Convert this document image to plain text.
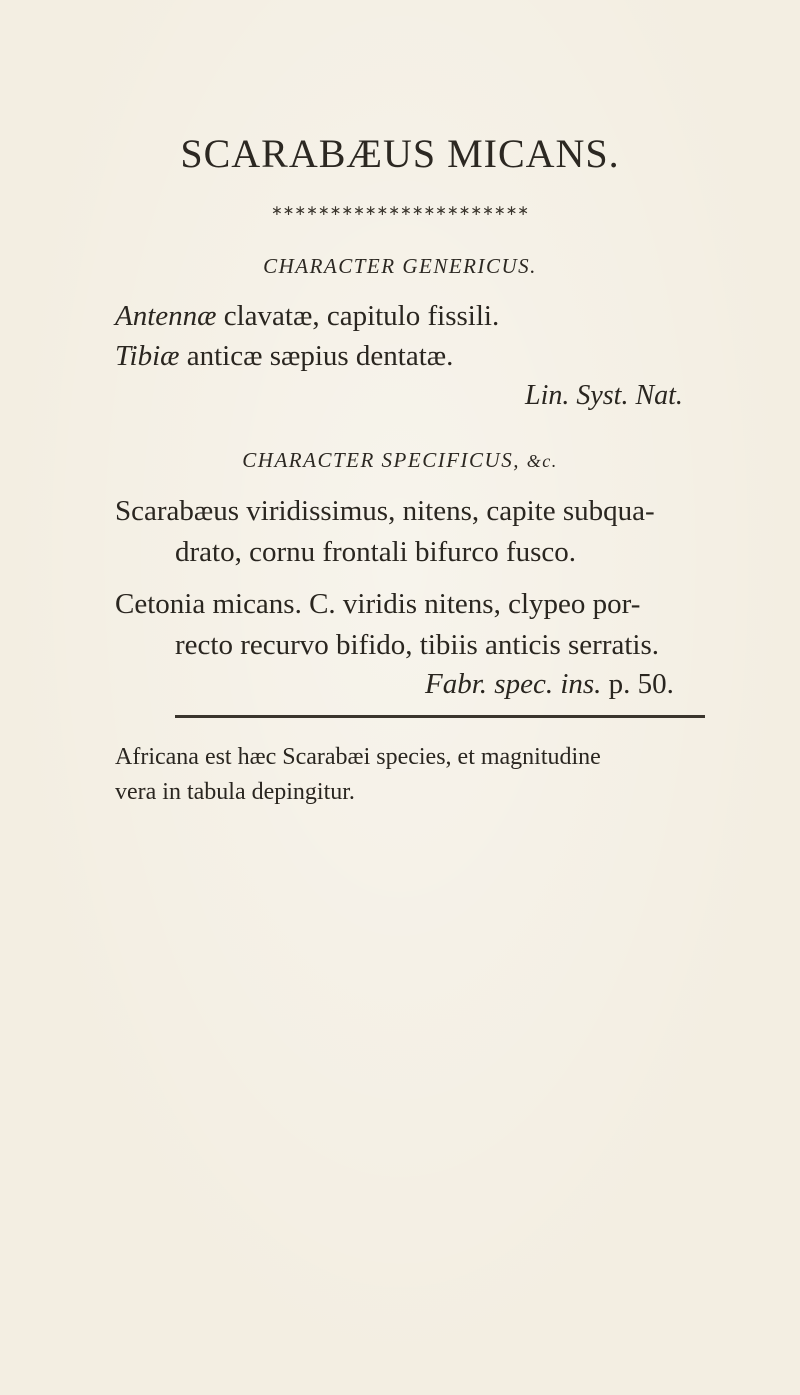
SCARABÆUS MICANS.
∗∗∗∗∗∗∗∗∗∗∗∗∗∗∗∗∗∗∗∗∗∗
CHARACTER GENERICUS.
Antennæ clavatæ, capitulo fissili.
Tibiæ anticæ sæpius dentatæ.
Lin. Syst. Nat.
CHARACTER SPECIFICUS, &c.
Scarabæus viridissimus, nitens, capite subqua-
drato, cornu frontali bifurco fusco.
Cetonia micans. C. viridis nitens, clypeo por-
recto recurvo bifido, tibiis anticis serratis.
Fabr. spec. ins. p. 50.
Africana est hæc Scarabæi species, et magnitudine
vera in tabula depingitur.
